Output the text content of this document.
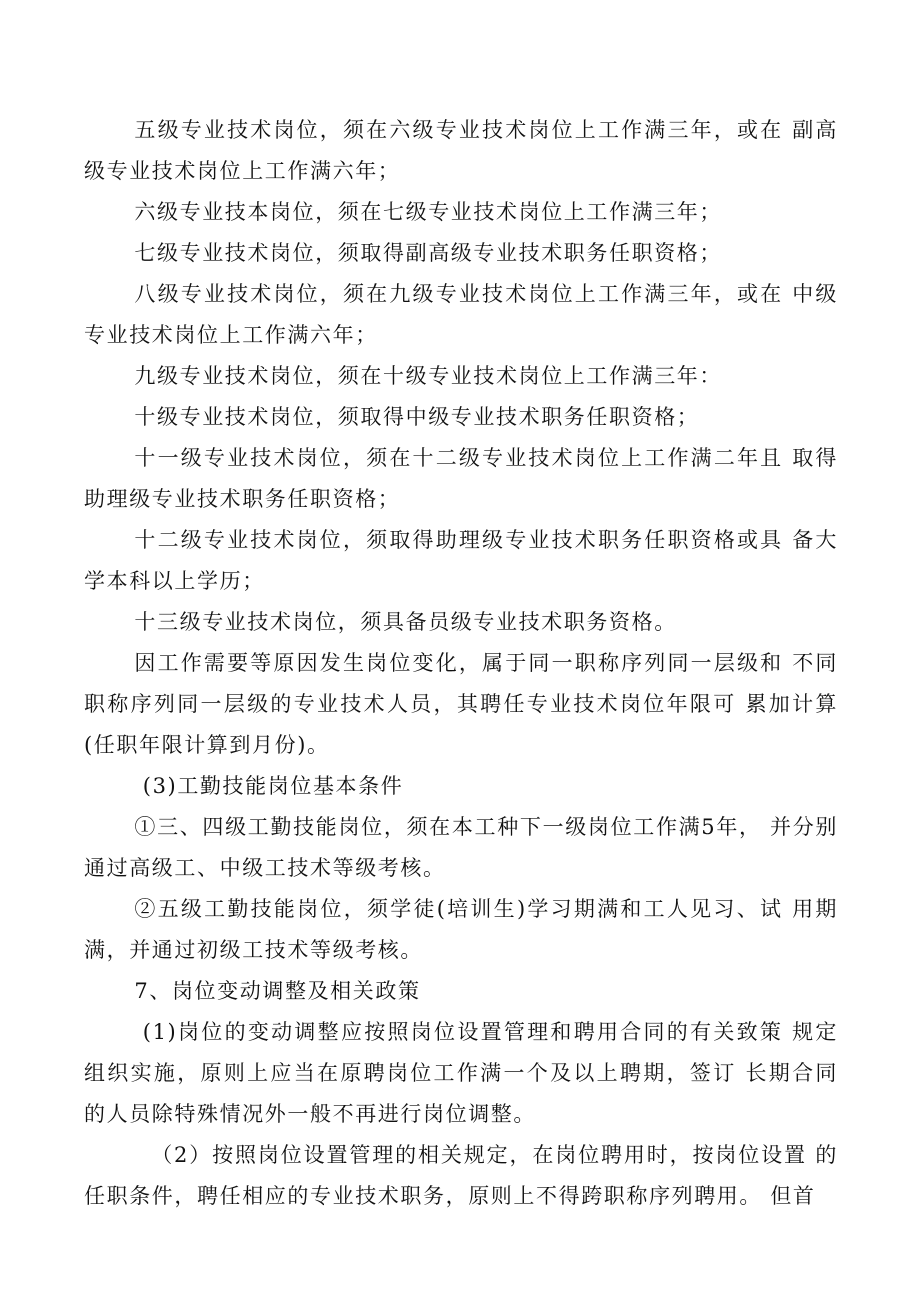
五级专业技术岗位，须在六级专业技术岗位上工作满三年，或在 副高级专业技术岗位上工作满六年；

六级专业技本岗位，须在七级专业技术岗位上工作满三年；

七级专业技术岗位，须取得副高级专业技术职务任职资格；

八级专业技术岗位，须在九级专业技术岗位上工作满三年，或在 中级专业技术岗位上工作满六年；

九级专业技术岗位，须在十级专业技术岗位上工作满三年：

十级专业技术岗位，须取得中级专业技术职务任职资格；

十一级专业技术岗位，须在十二级专业技术岗位上工作满二年且 取得助理级专业技术职务任职资格；

十二级专业技术岗位，须取得助理级专业技术职务任职资格或具 备大学本科以上学历；

十三级专业技术岗位，须具备员级专业技术职务资格。

因工作需要等原因发生岗位变化，属于同一职称序列同一层级和 不同职称序列同一层级的专业技术人员，其聘任专业技术岗位年限可 累加计算(任职年限计算到月份)。

(3)工勤技能岗位基本条件

①三、四级工勤技能岗位，须在本工种下一级岗位工作满5年， 并分别通过高级工、中级工技术等级考核。

②五级工勤技能岗位，须学徒(培训生)学习期满和工人见习、试 用期满，并通过初级工技术等级考核。

7、岗位变动调整及相关政策

(1)岗位的变动调整应按照岗位设置管理和聘用合同的有关致策 规定组织实施，原则上应当在原聘岗位工作满一个及以上聘期，签订 长期合同的人员除特殊情况外一般不再进行岗位调整。

（2）按照岗位设置管理的相关规定，在岗位聘用时，按岗位设置 的任职条件，聘任相应的专业技术职务，原则上不得跨职称序列聘用。 但首
